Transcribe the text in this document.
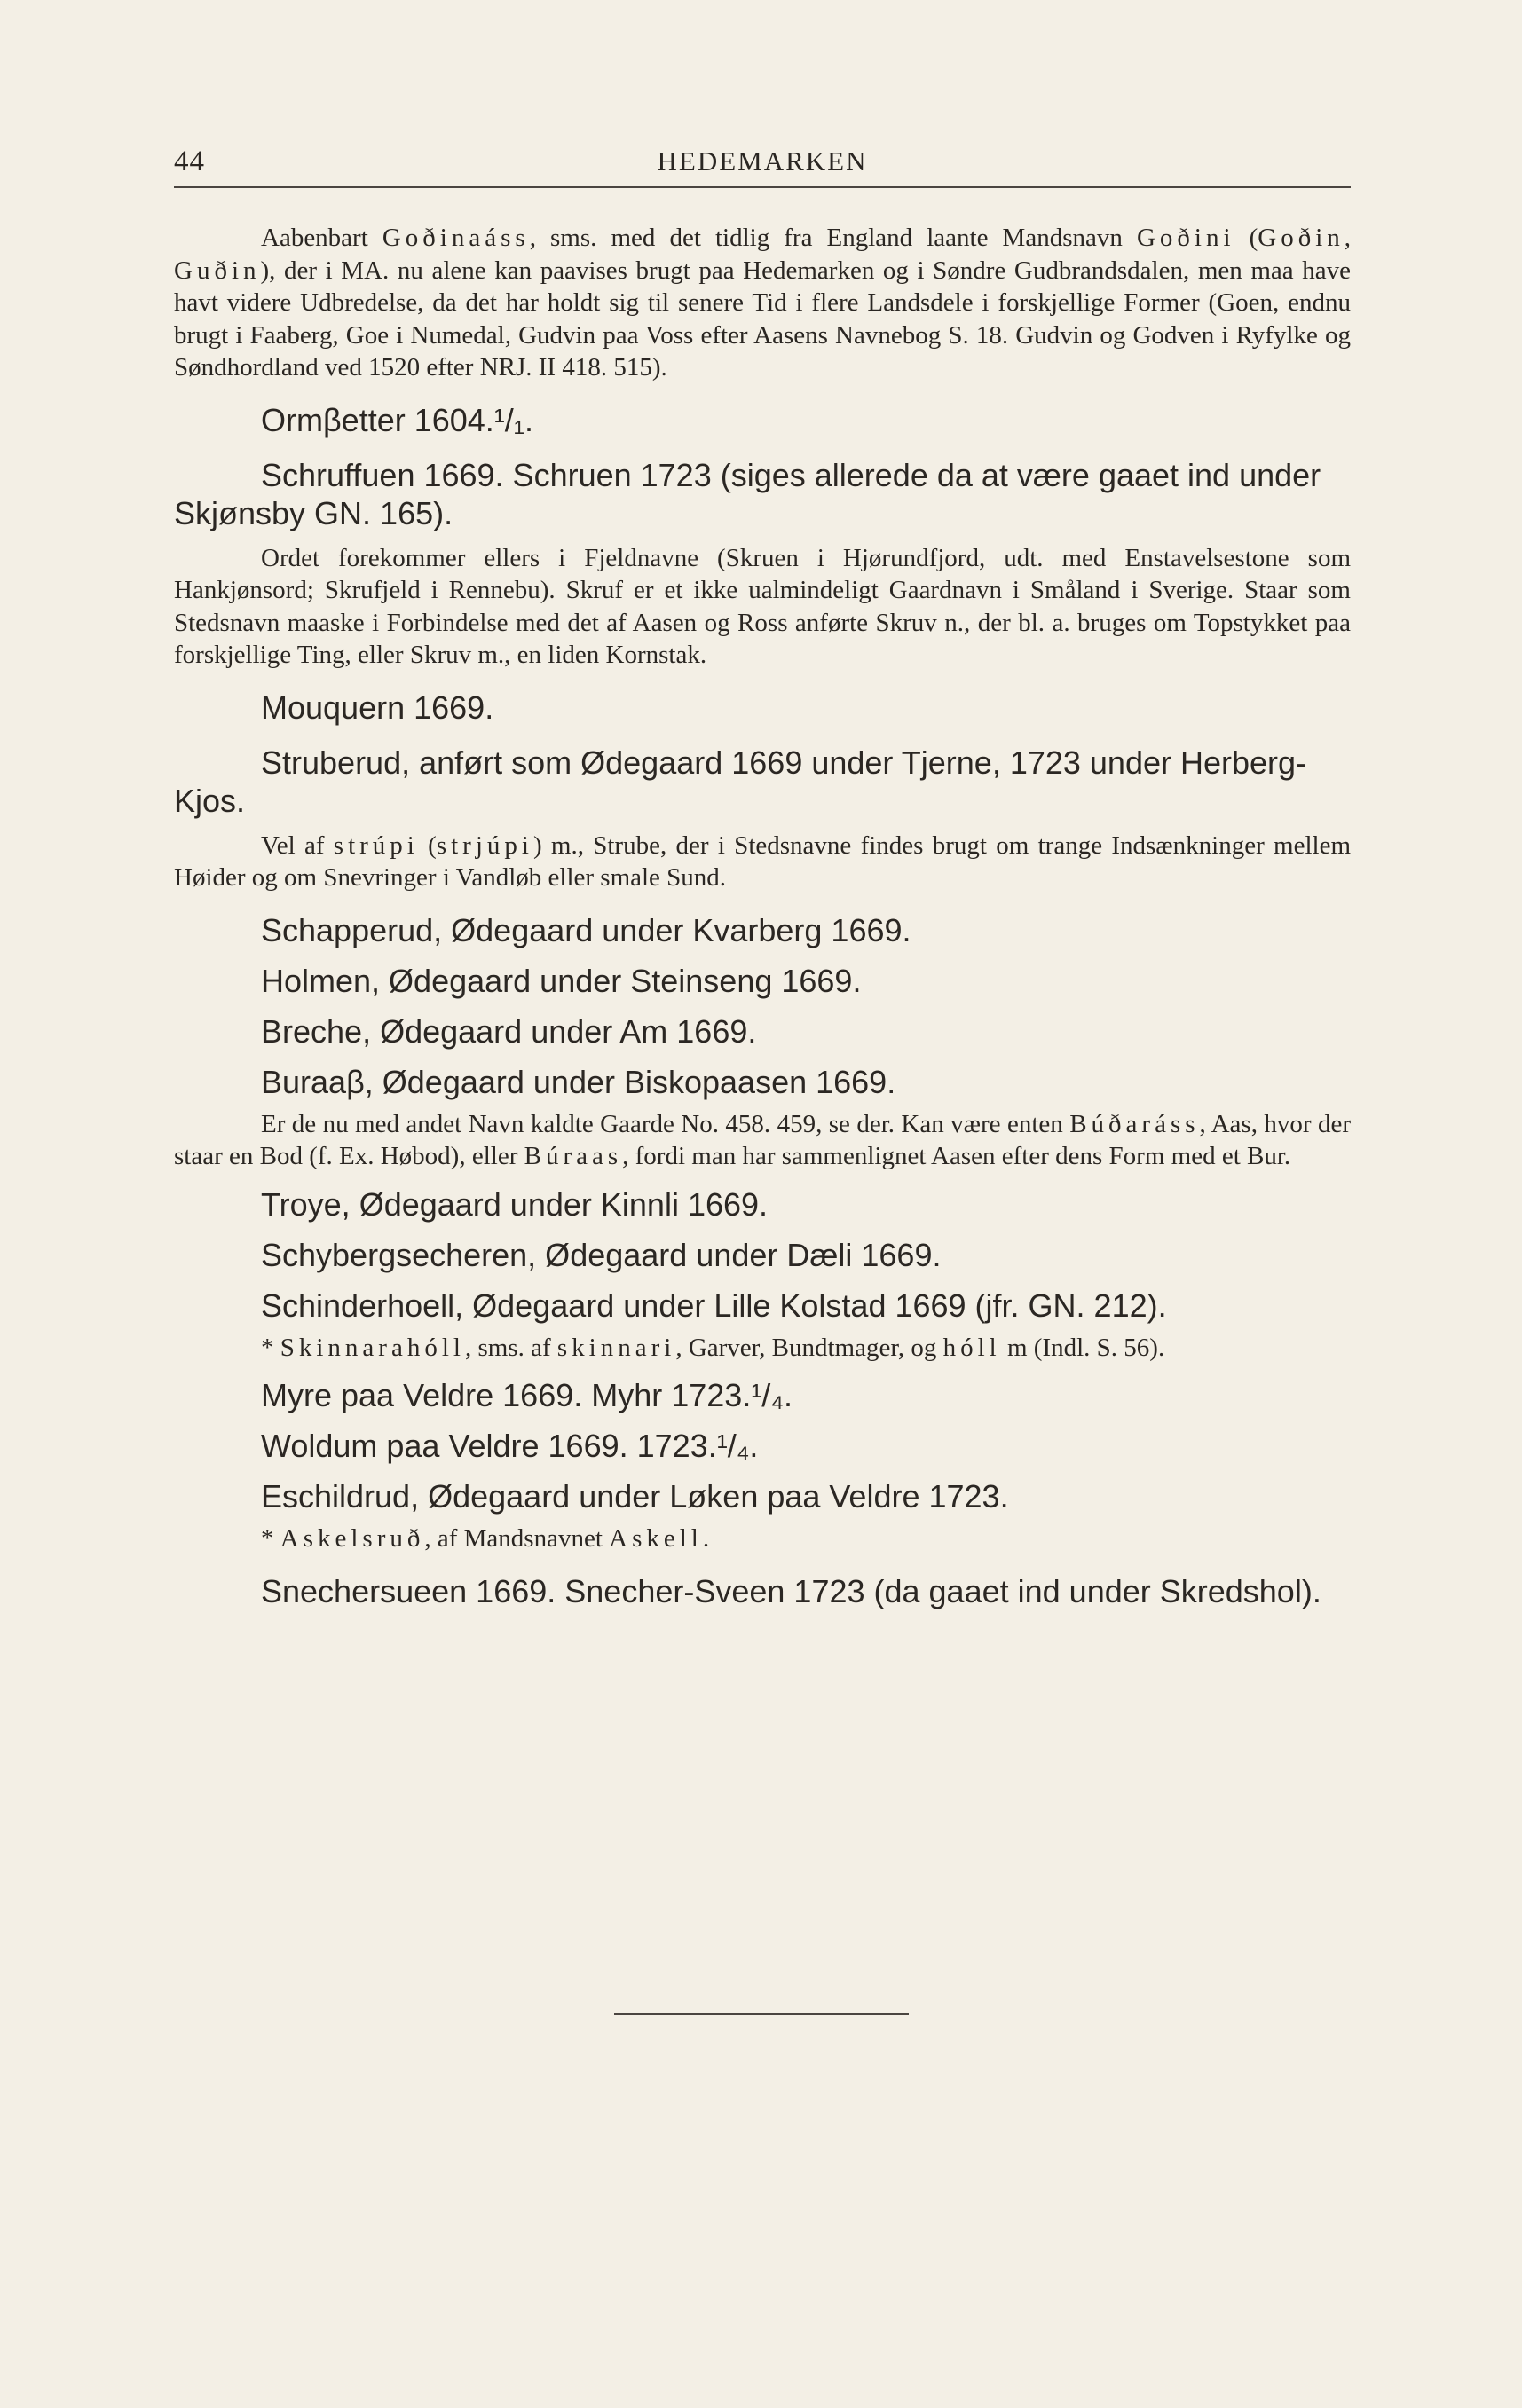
44	HEDEMARKEN

Aabenbart Goðinaáss, sms. med det tidlig fra England laante Mandsnavn Goðini (Goðin, Guðin), der i MA. nu alene kan paavises brugt paa Hedemarken og i Søndre Gudbrandsdalen, men maa have havt videre Udbredelse, da det har holdt sig til senere Tid i flere Landsdele i forskjellige Former (Goen, endnu brugt i Faaberg, Goe i Numedal, Gudvin paa Voss efter Aasens Navnebog S. 18. Gudvin og Godven i Ryfylke og Søndhordland ved 1520 efter NRJ. II 418. 515).

Ormβetter 1604.¹/₁.

Schruffuen 1669. Schruen 1723 (siges allerede da at være gaaet ind under Skjønsby GN. 165).

Ordet forekommer ellers i Fjeldnavne (Skruen i Hjørundfjord, udt. med Enstavelsestone som Hankjønsord; Skrufjeld i Rennebu). Skruf er et ikke ualmindeligt Gaardnavn i Småland i Sverige. Staar som Stedsnavn maaske i Forbindelse med det af Aasen og Ross anførte Skruv n., der bl. a. bruges om Topstykket paa forskjellige Ting, eller Skruv m., en liden Kornstak.

Mouquern 1669.

Struberud, anført som Ødegaard 1669 under Tjerne, 1723 under Herberg-Kjos.

Vel af strúpi (strjúpi) m., Strube, der i Stedsnavne findes brugt om trange Indsænkninger mellem Høider og om Snevringer i Vandløb eller smale Sund.

Schapperud, Ødegaard under Kvarberg 1669.

Holmen, Ødegaard under Steinseng 1669.

Breche, Ødegaard under Am 1669.

Buraaβ, Ødegaard under Biskopaasen 1669.

Er de nu med andet Navn kaldte Gaarde No. 458. 459, se der. Kan være enten Búðaráss, Aas, hvor der staar en Bod (f. Ex. Høbod), eller Búraas, fordi man har sammenlignet Aasen efter dens Form med et Bur.

Troye, Ødegaard under Kinnli 1669.

Schybergsecheren, Ødegaard under Dæli 1669.

Schinderhoell, Ødegaard under Lille Kolstad 1669 (jfr. GN. 212).

* Skinnarahóll, sms. af skinnari, Garver, Bundtmager, og hóll m (Indl. S. 56).

Myre paa Veldre 1669. Myhr 1723.¹/₄.

Woldum paa Veldre 1669. 1723.¹/₄.

Eschildrud, Ødegaard under Løken paa Veldre 1723.

* Askelsruð, af Mandsnavnet Askell.

Snechersueen 1669. Snecher-Sveen 1723 (da gaaet ind under Skredshol).
